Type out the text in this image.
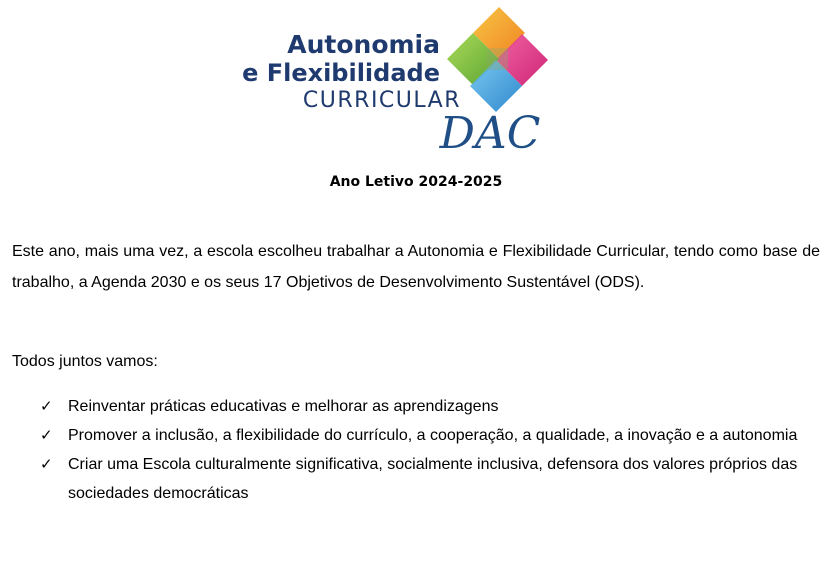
Autonomia
e Flexibilidade
CURRICULAR
DAC
Ano Letivo 2024-2025

Este ano, mais uma vez, a escola escolheu trabalhar a Autonomia e Flexibilidade Curricular, tendo como base de trabalho, a Agenda 2030 e os seus 17 Objetivos de Desenvolvimento Sustentável (ODS).

Todos juntos vamos:

✓ Reinventar práticas educativas e melhorar as aprendizagens
✓ Promover a inclusão, a flexibilidade do currículo, a cooperação, a qualidade, a inovação e a autonomia
✓ Criar uma Escola culturalmente significativa, socialmente inclusiva, defensora dos valores próprios das sociedades democráticas
